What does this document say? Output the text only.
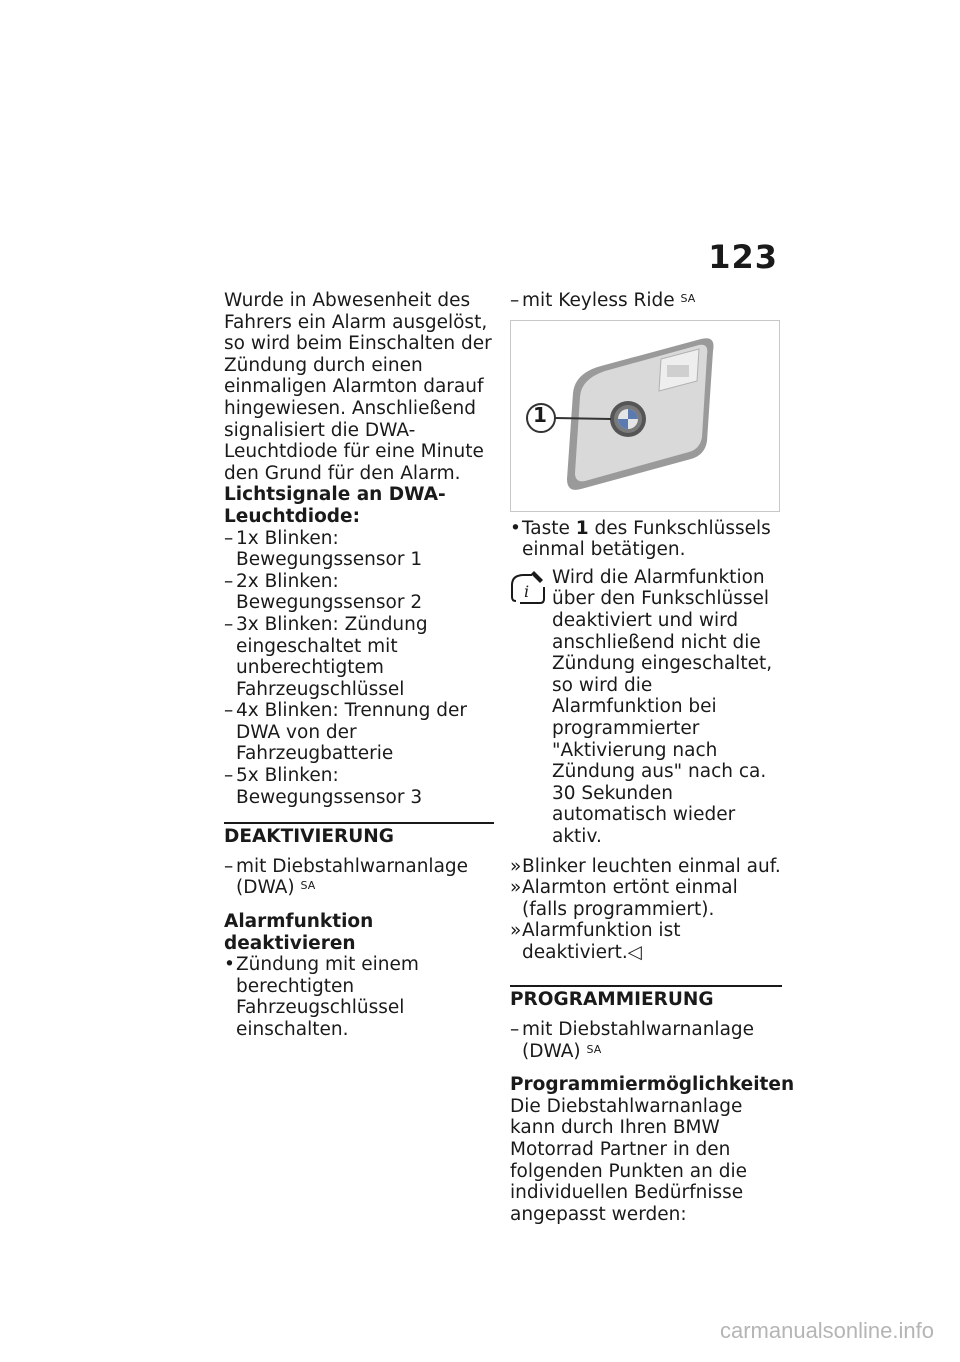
123

Wurde in Abwesenheit des Fahrers ein Alarm ausgelöst, so wird beim Einschalten der Zündung durch einen einmaligen Alarmton darauf hingewiesen. Anschließend signalisiert die DWA-Leuchtdiode für eine Minute den Grund für den Alarm.

Lichtsignale an DWA-Leuchtdiode:

– 1x Blinken: Bewegungssensor 1
– 2x Blinken: Bewegungssensor 2
– 3x Blinken: Zündung eingeschaltet mit unberechtigtem Fahrzeugschlüssel
– 4x Blinken: Trennung der DWA von der Fahrzeugbatterie
– 5x Blinken: Bewegungssensor 3
DEAKTIVIERUNG
– mit Diebstahlwarnanlage (DWA) $^{SA}$

Alarmfunktion deaktivieren

• Zündung mit einem berechtigten Fahrzeugschlüssel einschalten.
– mit Keyless Ride $^{SA}$
1
• Taste 1 des Funkschlüssels einmal betätigen.
i

Wird die Alarmfunktion über den Funkschlüssel deaktiviert und wird anschließend nicht die Zündung eingeschaltet, so wird die Alarmfunktion bei programmierter "Aktivierung nach Zündung aus" nach ca. 30 Sekunden automatisch wieder aktiv.

» Blinker leuchten einmal auf.
» Alarmton ertönt einmal (falls programmiert).
» Alarmfunktion ist deaktiviert.◁
PROGRAMMIERUNG
– mit Diebstahlwarnanlage (DWA) $^{SA}$

Programmiermöglichkeiten

Die Diebstahlwarnanlage kann durch Ihren BMW Motorrad Partner in den folgenden Punkten an die individuellen Bedürfnisse angepasst werden:

carmanualsonline.info
